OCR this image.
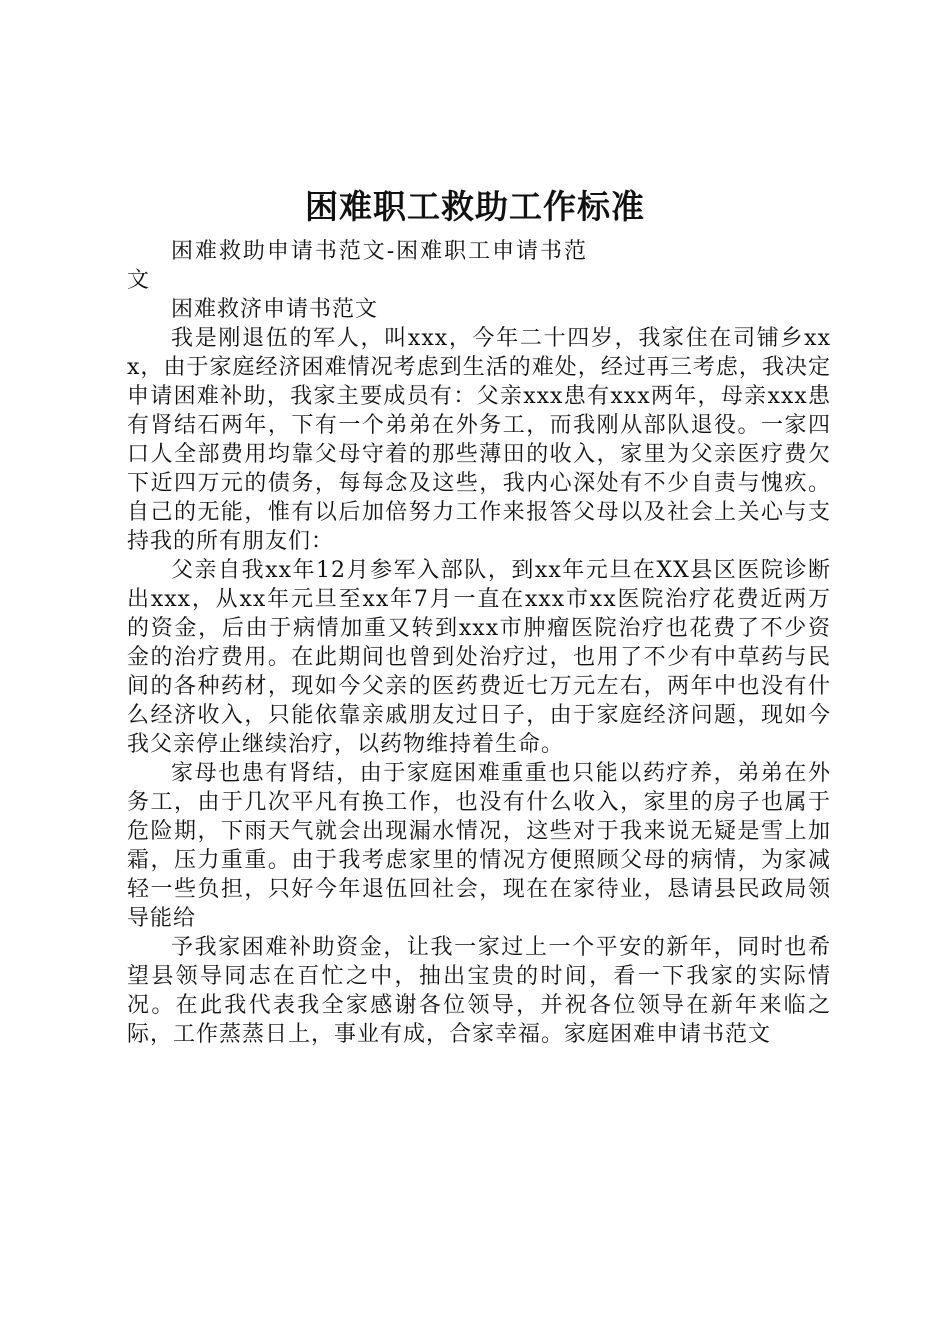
困难职工救助工作标准

困难救助申请书范文-困难职工申请书范文

困难救济申请书范文

我是刚退伍的军人，叫xxx，今年二十四岁，我家住在司铺乡xxx，由于家庭经济困难情况考虑到生活的难处，经过再三考虑，我决定申请困难补助，我家主要成员有：父亲xxx患有xxx两年，母亲xxx患有肾结石两年，下有一个弟弟在外务工，而我刚从部队退役。一家四口人全部费用均靠父母守着的那些薄田的收入，家里为父亲医疗费欠下近四万元的债务，每每念及这些，我内心深处有不少自责与愧疚。自己的无能，惟有以后加倍努力工作来报答父母以及社会上关心与支持我的所有朋友们：

父亲自我xx年12月参军入部队，到xx年元旦在XX县区医院诊断出xxx，从xx年元旦至xx年7月一直在xxx市xx医院治疗花费近两万的资金，后由于病情加重又转到xxx市肿瘤医院治疗也花费了不少资金的治疗费用。在此期间也曾到处治疗过，也用了不少有中草药与民间的各种药材，现如今父亲的医药费近七万元左右，两年中也没有什么经济收入，只能依靠亲戚朋友过日子，由于家庭经济问题，现如今我父亲停止继续治疗，以药物维持着生命。

家母也患有肾结，由于家庭困难重重也只能以药疗养，弟弟在外务工，由于几次平凡有换工作，也没有什么收入，家里的房子也属于危险期，下雨天气就会出现漏水情况，这些对于我来说无疑是雪上加霜，压力重重。由于我考虑家里的情况方便照顾父母的病情，为家减轻一些负担，只好今年退伍回社会，现在在家待业，恳请县民政局领导能给

予我家困难补助资金，让我一家过上一个平安的新年，同时也希望县领导同志在百忙之中，抽出宝贵的时间，看一下我家的实际情况。在此我代表我全家感谢各位领导，并祝各位领导在新年来临之际，工作蒸蒸日上，事业有成，合家幸福。家庭困难申请书范文
